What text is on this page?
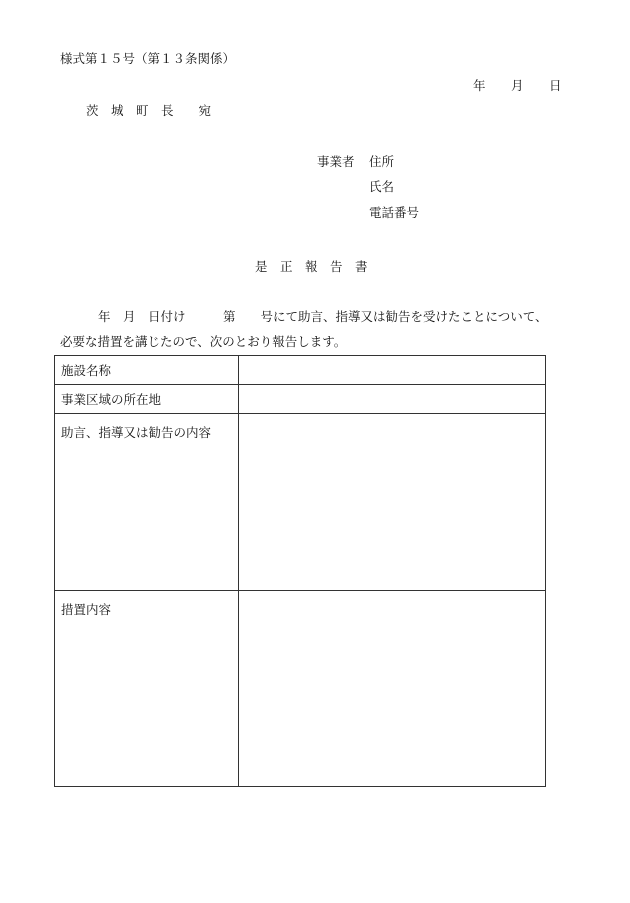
様式第１５号（第１３条関係）
年 月 日
茨　城　町　長　　宛
事業者 住所
氏名
電話番号
是　正　報　告　書
年　月　日付け　　　第　　号にて助言、指導又は勧告を受けたことについて、
必要な措置を講じたので、次のとおり報告します。
施設名称	
事業区域の所在地	
助言、指導又は勧告の内容	
措置内容	
